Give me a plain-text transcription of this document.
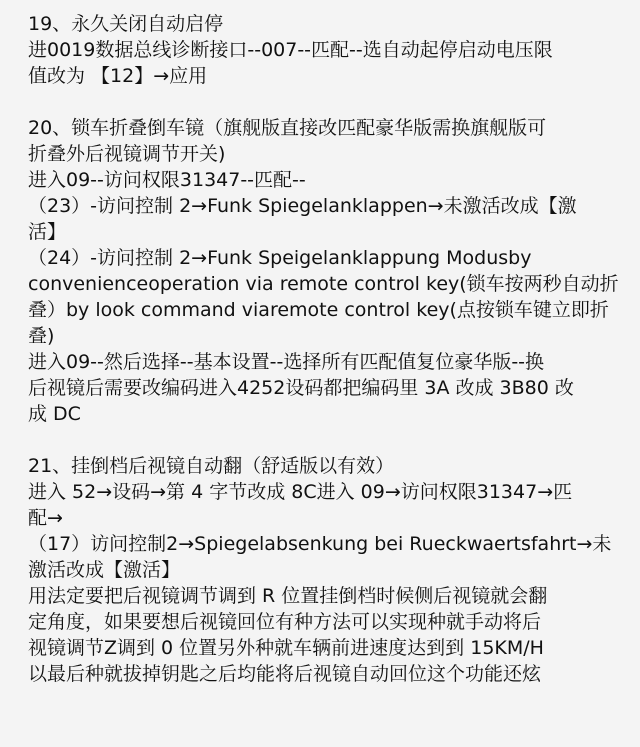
19、永久关闭自动启停
进0019数据总线诊断接口--007--匹配--选自动起停启动电压限
值改为 【12】→应用
20、锁车折叠倒车镜（旗舰版直接改匹配豪华版需换旗舰版可
折叠外后视镜调节开关)
进入09--访问权限31347--匹配--
（23）-访问控制 2→Funk Spiegelanklappen→未激活改成【激
活】
（24）-访问控制 2→Funk Speigelanklappung Modusby
convenienceoperation via remote control key(锁车按两秒自动折
叠）by look command viaremote control key(点按锁车键立即折
叠)
进入09--然后选择--基本设置--选择所有匹配值复位豪华版--换
后视镜后需要改编码进入4252设码都把编码里 3A 改成 3B80 改
成 DC
21、挂倒档后视镜自动翻（舒适版以有效）
进入 52→设码→第 4 字节改成 8C进入 09→访问权限31347→匹
配→
（17）访问控制2→Spiegelabsenkung bei Rueckwaertsfahrt→未
激活改成【激活】
用法定要把后视镜调节调到 R 位置挂倒档时候侧后视镜就会翻
定角度，如果要想后视镜回位有种方法可以实现种就手动将后
视镜调节Z调到 0 位置另外种就车辆前进速度达到到 15KM/H
以最后种就拔掉钥匙之后均能将后视镜自动回位这个功能还炫
